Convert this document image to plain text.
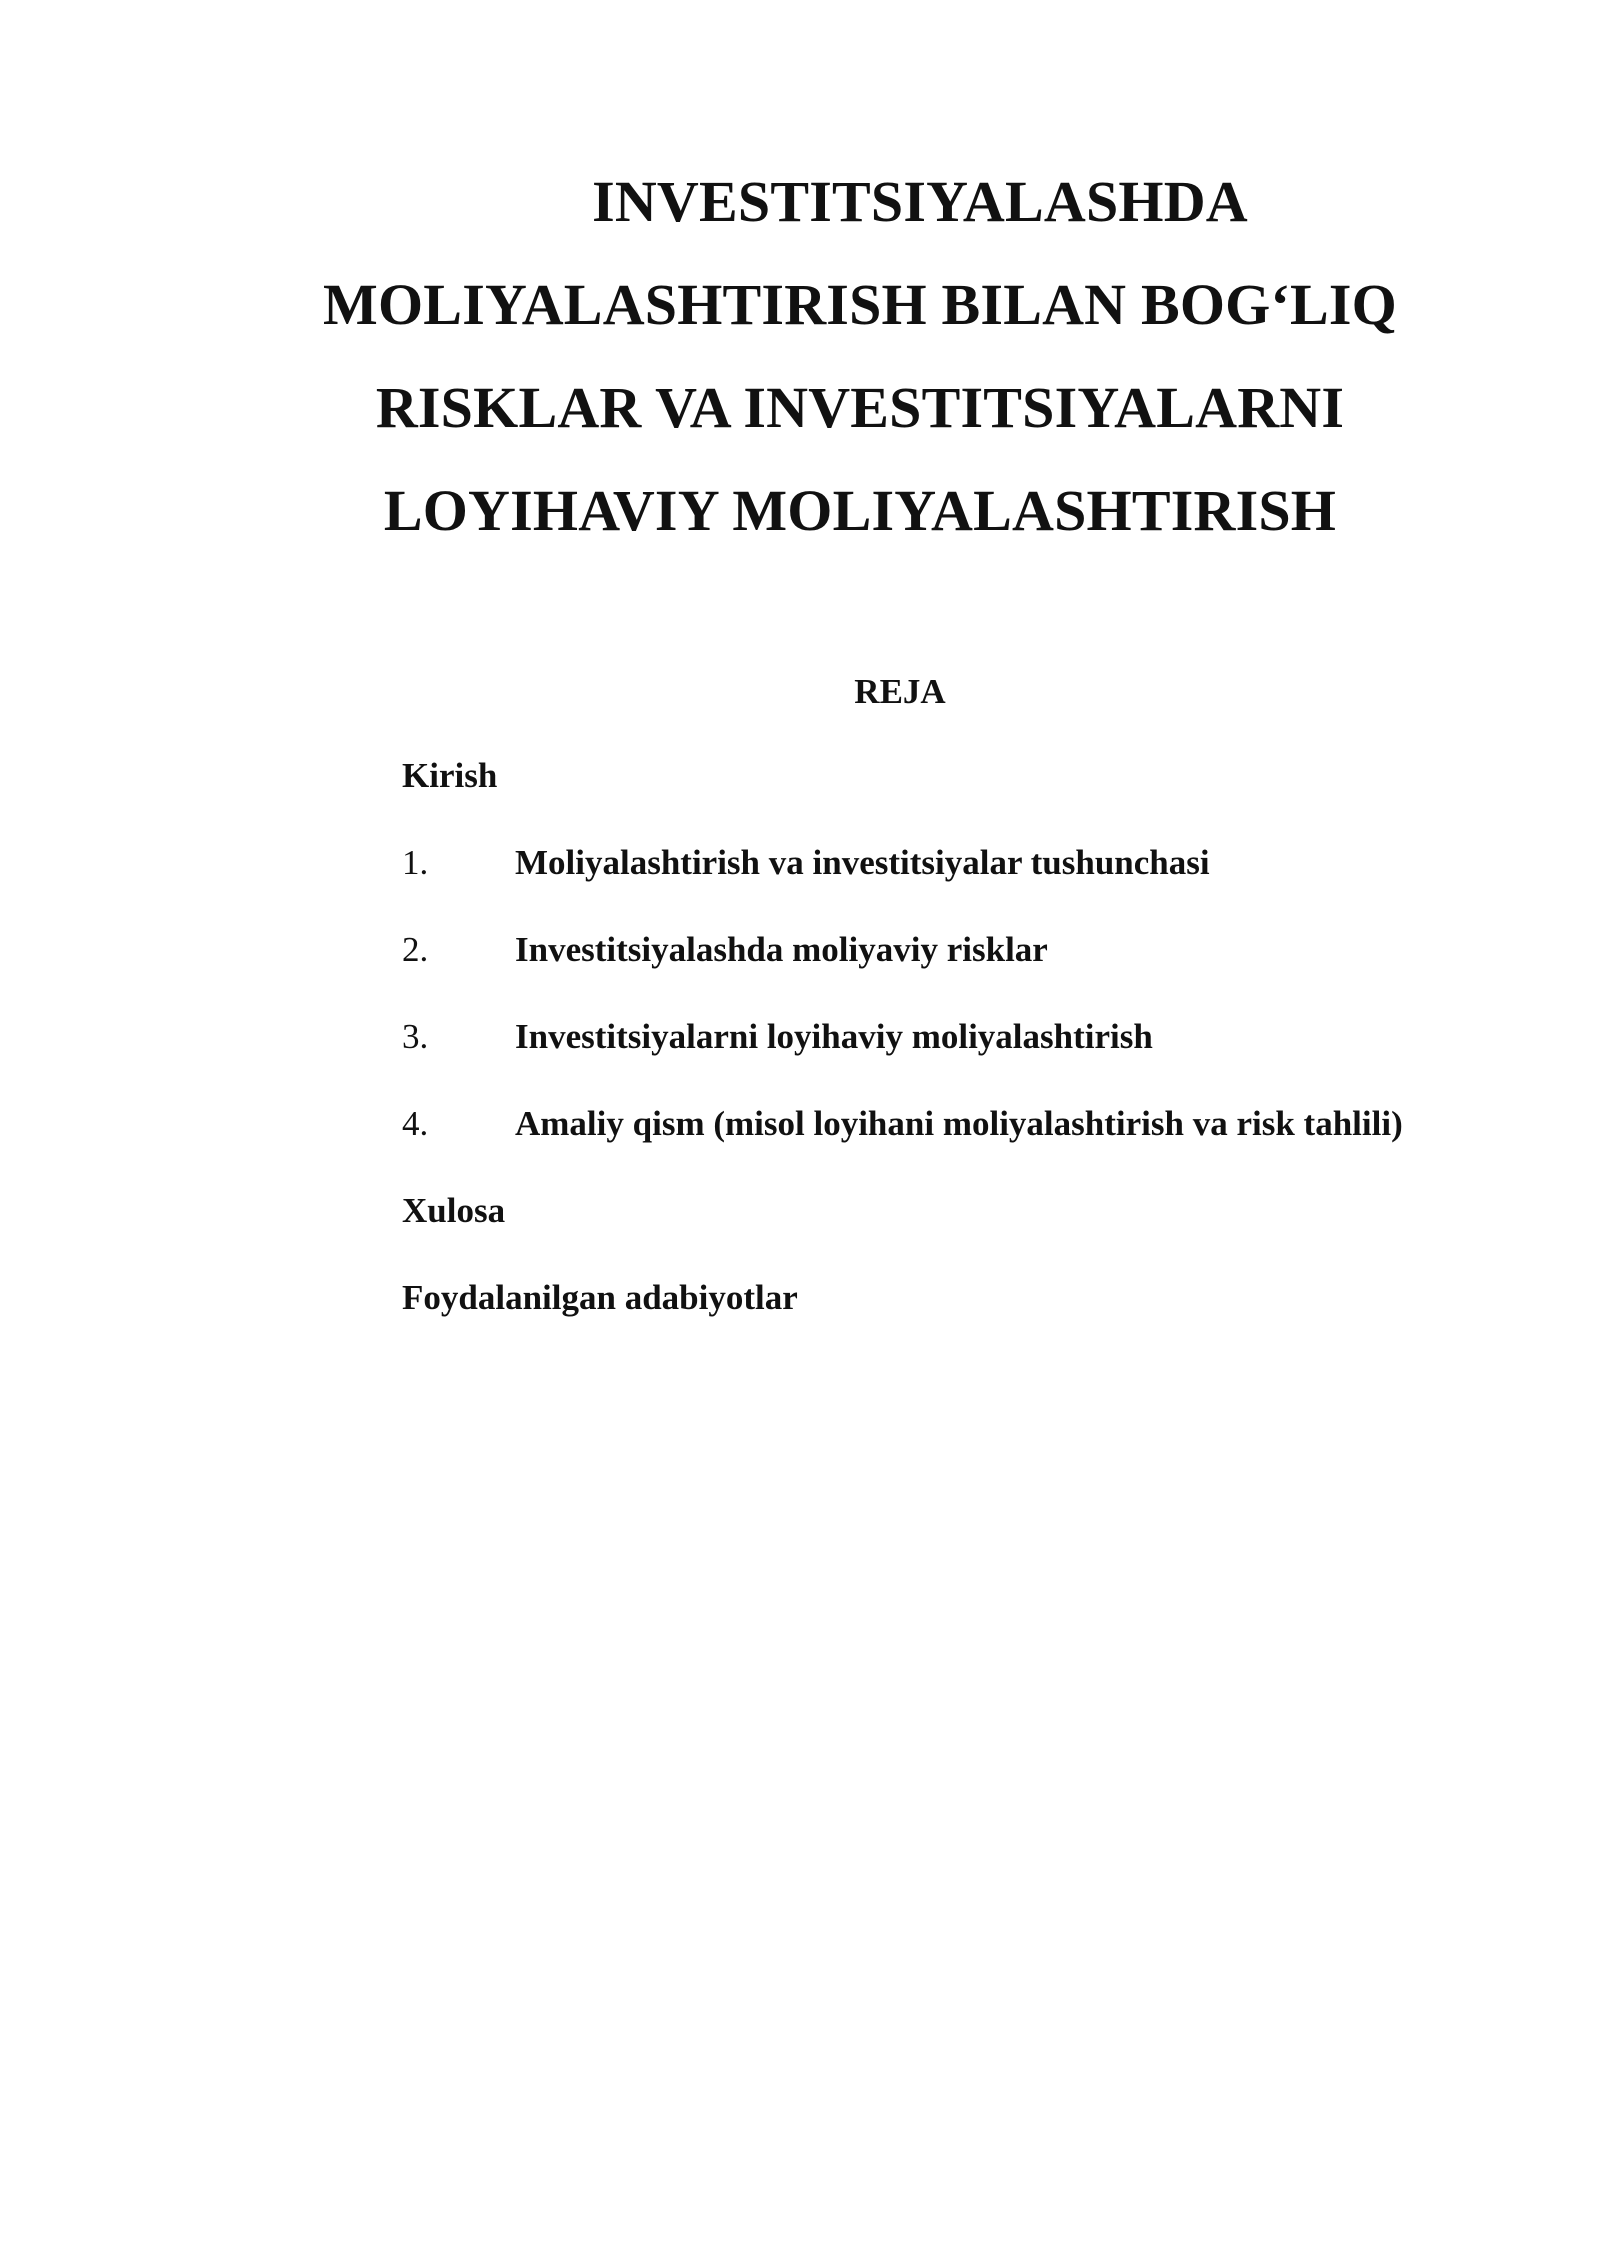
INVESTITSIYALASHDA
MOLIYALASHTIRISH BILAN BOG‘LIQ
RISKLAR VA INVESTITSIYALARNI
LOYIHAVIY MOLIYALASHTIRISH
REJA
Kirish
1.	Moliyalashtirish va investitsiyalar tushunchasi
2.	Investitsiyalashda moliyaviy risklar
3.	Investitsiyalarni loyihaviy moliyalashtirish
4.	Amaliy qism (misol loyihani moliyalashtirish va risk tahlili)
Xulosa
Foydalanilgan adabiyotlar
